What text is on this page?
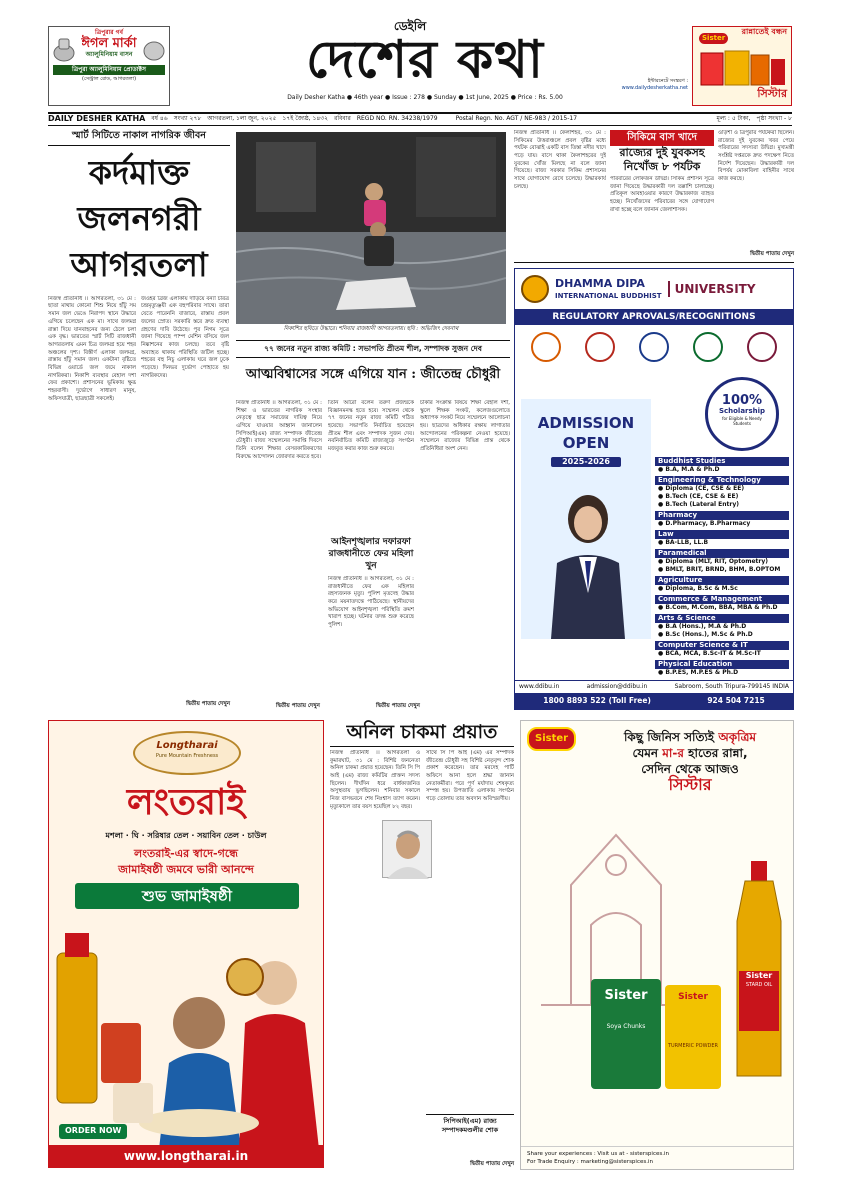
ত্রিপুরার গর্ব
ঈগল মার্কা
অ্যালুমিনিয়াম বাসন
ত্রিপুরা অ্যালুমিনিয়াম প্রোডাক্টস
(সেন্ট্রাল রোড, আগরতলা)
ডেইলি
দেশের কথা
Daily Desher Katha ● 46th year ● Issue : 278 ● Sunday ● 1st June, 2025 ● Price : Rs. 5.00
ইন্টারনেটে সংস্করণ :
www.dailydesherkatha.net
রান্নাতেই বন্ধন
Sister
সিস্টার
DAILY DESHER KATHA বর্ষ ৪৬ সংখ্যা ২৭৮ আগরতলা, ১লা জুন, ২০২৫ ১৭ই জ্যৈষ্ঠ, ১৪৩২ রবিবার REGD NO. RN. 34238/1979	Postal Regn. No. AGT / NE-983 / 2015-17	মূল্য : ৫ টাকা, পৃষ্ঠা সংখ্যা - ৮
স্মার্ট সিটিতে নাকাল নাগরিক জীবন
কর্দমাক্ত
জলনগরী
আগরতলা
নিজস্ব প্রতিনিধি ।। আগরতলা, ৩১ মে : ছাতা মাথায় কোনো শিশু নিয়ে হাঁটু সম সমান জল ভেঙে নিরাপদ স্থানে উদ্ধারে এগিয়ে চলেছেন এক মা। সাথে জলমগ্ন রাস্তা দিয়ে যানবাহনের জন্য ঠেলে চলা এক বৃদ্ধ। ভারতের স্মার্ট সিটি রাজধানী আগরতলায় এমন চিত্র জলমগ্ন হয়ে শহর অঞ্চলের দৃশ্য। বিস্তীর্ণ এলাকা জলমগ্ন, রাস্তায় হাঁটু সমান জল। একটানা বৃষ্টিতে বিভিন্ন ওয়ার্ডে জল জমে নাকাল নাগরিকরা। নিকাশি ব্যবস্থার বেহাল দশা ফের প্রকাশ্যে। প্রশাসনের ভূমিকায় ক্ষুব্ধ শহরবাসী। দুর্ভোগে সাধারণ মানুষ, অফিসযাত্রী, ছাত্রছাত্রী সকলেই।
জওহর ব্রিজ এলাকায় দাঁড়িয়ে বন্যা চরিত্র চন্দ্রমৃত্যুঞ্জয়ী এক বহুপরিবার সাথে। তারা যেতে পারেননি বাজারে, রাস্তায় প্রবল জলের স্রোত। সরকারি স্তরে দ্রুত ব্যবস্থা গ্রহণের দাবি উঠেছে। পুর নিগম সূত্রে জানা গিয়েছে পাম্প মেশিন বসিয়ে জল নিষ্কাশনের কাজ চলছে। তবে বৃষ্টি অব্যাহত থাকায় পরিস্থিতি জটিল হচ্ছে। শহরের বহু নিচু এলাকায় ঘরে জল ঢুকে পড়েছে। দিনভর দুর্ভোগ পোহাতে হয় নাগরিকদের।
দ্বিতীয় পাতায় দেখুন
নিকাশির ছবিতে উদ্ধারে। শনিবার রাজধানী আগরতলায়। ছবি : অভিজিৎ দেবনাথ
নিজস্ব প্রতিনিধি ।। কৈলাশহর, ৩১ মে : সিকিমের উত্তরাঞ্চলে প্রবল বৃষ্টির মধ্যে পর্যটক বোঝাই একটি বাস তিস্তা নদীর খাদে পড়ে যায়। বাসে থাকা কৈলাশহরের দুই যুবকের খোঁজ মিলছে না বলে জানা গিয়েছে। রাজ্য সরকার সিকিম প্রশাসনের সাথে যোগাযোগ রেখে চলেছে। উদ্ধারকার্য চলছে।
সিকিমে বাস খাদে
রাজ্যের দুই যুবকসহ
নিখোঁজ ৮ পর্যটক
পরিবারের লোকজন উদ্বিগ্ন। সিকিম প্রশাসন সূত্রে জানা গিয়েছে উদ্ধারকারী দল তল্লাশি চালাচ্ছে। প্রতিকূল আবহাওয়ার কারণে উদ্ধারকাজ ব্যাহত হচ্ছে। নিখোঁজদের পরিবারের সঙ্গে যোগাযোগ রাখা হচ্ছে বলে জানান জেলাশাসক।
ওড়িশা ও ত্রিপুরার পর্যটকরা ছিলেন। রাজ্যের দুই যুবকের খবর পেয়ে পরিবারের সদস্যরা উদ্বিগ্ন। মুখ্যমন্ত্রী সংশ্লিষ্ট দপ্তরকে দ্রুত পদক্ষেপ নিতে নির্দেশ দিয়েছেন। উদ্ধারকারী দল বিপর্যয় মোকাবিলা বাহিনীর সাথে কাজ করছে।
দ্বিতীয় পাতায় দেখুন
৭৭ জনের নতুন রাজ্য কমিটি : সভাপতি প্রীতম শীল, সম্পাদক সুজন দেব
আত্মবিশ্বাসের সঙ্গে এগিয়ে যান : জীতেন্দ্র চৌধুরী
নিজস্ব প্রতিনিধি ।। আগরতলা, ৩১ মে : শিক্ষা ও ভারতের নাগরিক সংস্থার নেতৃত্বে ছাত্র সমাজের দায়িত্ব নিয়ে এগিয়ে যাওয়ার আহ্বান জানালেন সিপিআই(এম) রাজ্য সম্পাদক জীতেন্দ্র চৌধুরী। রাজ্য সম্মেলনের সমাপ্তি দিবসে তিনি বলেন শিক্ষার বেসরকারিকরণের বিরুদ্ধে আন্দোলন জোরদার করতে হবে।
তিনি আরো বলেন তরুণ প্রজন্মকে বিজ্ঞানমনস্ক হতে হবে। সম্মেলন থেকে ৭৭ জনের নতুন রাজ্য কমিটি গঠিত হয়েছে। সভাপতি নির্বাচিত হয়েছেন প্রীতম শীল এবং সম্পাদক সুজন দেব। নবনির্বাচিত কমিটি রাজ্যজুড়ে সংগঠন মজবুত করার কাজ শুরু করবে।
চাকরি সংক্রান্ত বিষয়ে শিক্ষা বেহাল দশা, স্কুলে শিক্ষক সংকট, কলেজগুলোতে অধ্যাপক সংকট নিয়ে সম্মেলনে আলোচনা হয়। ছাত্রদের অধিকার রক্ষায় লাগাতার আন্দোলনের পরিকল্পনা নেওয়া হয়েছে। সম্মেলনে রাজ্যের বিভিন্ন প্রান্ত থেকে প্রতিনিধিরা অংশ নেন।
আইনশৃঙ্খলার দফারফা রাজধানীতে ফের মহিলা খুন
নিজস্ব প্রতিনিধি ।। আগরতলা, ৩১ মে : রাজধানীতে ফের এক মহিলার রহস্যজনক মৃত্যু। পুলিশ মৃতদেহ উদ্ধার করে ময়নাতদন্তে পাঠিয়েছে। স্থানীয়দের অভিযোগ আইনশৃঙ্খলা পরিস্থিতি ক্রমশ খারাপ হচ্ছে। ঘটনার তদন্ত শুরু করেছে পুলিশ।
দ্বিতীয় পাতায় দেখুন	দ্বিতীয় পাতায় দেখুন
DHAMMA DIPA
INTERNATIONAL BUDDHIST	UNIVERSITY
REGULATORY APROVALS/RECOGNITIONS
ADMISSION
OPEN
2025-2026
100%
Scholarship
for Eligible & Needy Students
Buddhist Studies
● B.A, M.A & Ph.D
Engineering & Technology
● Diploma (CE, CSE & EE)
● B.Tech (CE, CSE & EE)
● B.Tech (Lateral Entry)
Pharmacy
● D.Pharmacy, B.Pharmacy
Law
● BA-LLB, LL.B
Paramedical
● Diploma (MLT, RIT, Optometry)
● BMLT, BRIT, BRND, BHM, B.OPTOM
Agriculture
● Diploma, B.Sc & M.Sc
Commerce & Management
● B.Com, M.Com, BBA, MBA & Ph.D
Arts & Science
● B.A (Hons.), M.A & Ph.D
● B.Sc (Hons.), M.Sc & Ph.D
Computer Science & IT
● BCA, MCA, B.Sc-IT & M.Sc-IT
Physical Education
● B.P.ES, M.P.ES & Ph.D
www.ddibu.in	admission@ddibu.in	Sabroom, South Tripura-799145 INDIA
1800 8893 522 (Toll Free)	924 504 7215
Longtharai
Pure Mountain Freshness
লংতরাই
মশলা · ঘি · সরিষার তেল · সয়াবিন তেল · চাউল
লংতরাই-এর স্বাদে-গন্ধে
জামাইষষ্ঠী জমবে ভারী আনন্দে
শুভ জামাইষষ্ঠী
ORDER NOW
www.longtharai.in
অনিল চাকমা প্রয়াত
নিজস্ব প্রতিনিধি ।। আগরতলা ও কুমারঘাট, ৩১ মে : বিশিষ্ট জননেতা অনিল চাকমা প্রয়াত হয়েছেন। তিনি সি পি আই (এম) রাজ্য কমিটির প্রাক্তন সদস্য ছিলেন। দীর্ঘদিন ধরে বার্ধক্যজনিত অসুস্থতায় ভুগছিলেন। শনিবার সকালে নিজ বাসভবনে শেষ নিঃশ্বাস ত্যাগ করেন। মৃত্যুকালে তার বয়স হয়েছিল ৮২ বছর।
সাথে সি পি আই (এম) এর সম্পাদক জীতেন্দ্র চৌধুরী সহ বিশিষ্ট নেতৃবৃন্দ শোক প্রকাশ করেছেন। তার মরদেহ পার্টি অফিসে আনা হলে শ্রদ্ধা জানান নেতাকর্মীরা। পরে পূর্ণ মর্যাদায় শেষকৃত্য সম্পন্ন হয়। উপজাতি এলাকায় সংগঠন গড়ে তোলায় তার অবদান অবিস্মরণীয়।
সিপিআই(এম) রাজ্য সম্পাদকমণ্ডলীর শোক
দ্বিতীয় পাতায় দেখুন
Sister	কিছু জিনিস সত্যিই অকৃত্রিম
যেমন মা-র হাতের রান্না,
সেদিন থেকে আজও
সিস্টার
Sister
Soya Chunks
Sister
TURMERIC POWDER
Sister
STARD OIL
Share your experiences : Visit us at - sisterspices.in
For Trade Enquiry : marketing@sisterspices.in
